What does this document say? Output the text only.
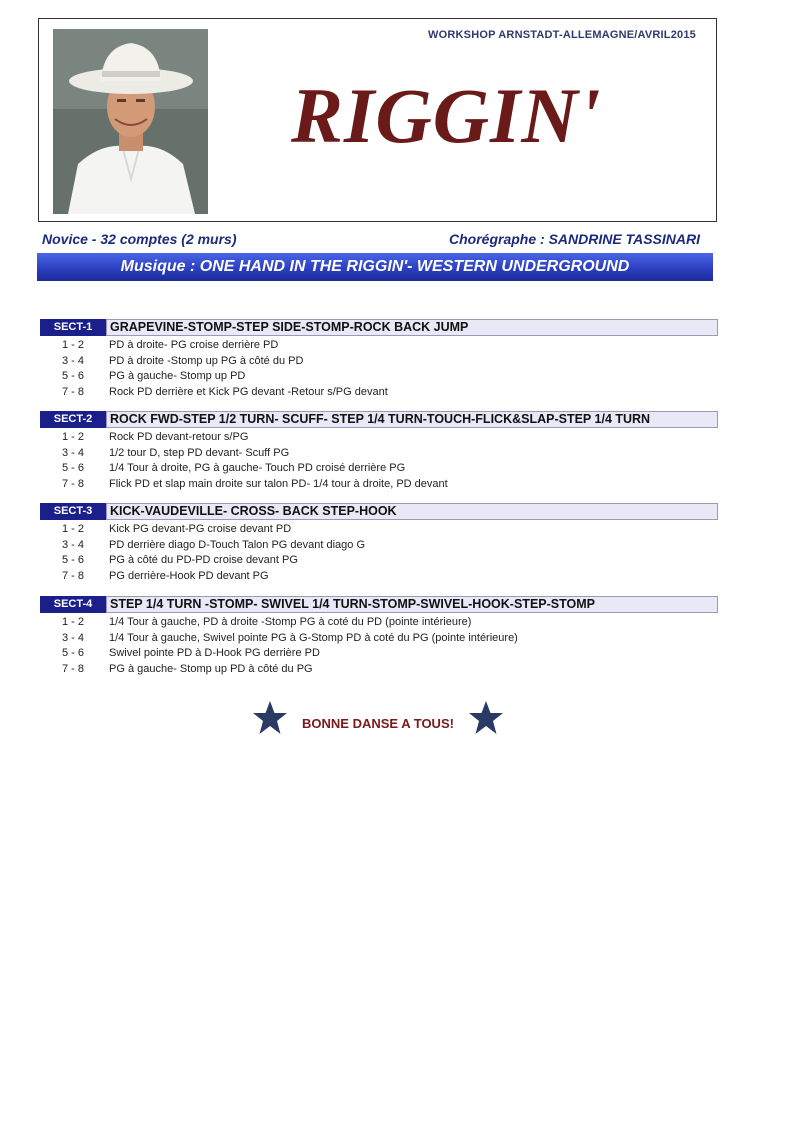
WORKSHOP ARNSTADT-ALLEMAGNE/AVRIL2015
RIGGIN'
Novice - 32 comptes (2 murs)	Chorégraphe : SANDRINE TASSINARI
Musique : ONE HAND IN THE RIGGIN'- WESTERN UNDERGROUND
SECT-1	GRAPEVINE-STOMP-STEP SIDE-STOMP-ROCK BACK JUMP
1 - 2	PD à droite- PG croise derrière PD
3 - 4	PD à droite -Stomp up PG à côté du PD
5 - 6	PG à gauche- Stomp up PD
7 - 8	Rock PD derrière et Kick PG devant -Retour s/PG devant
SECT-2	ROCK FWD-STEP 1/2 TURN- SCUFF- STEP 1/4 TURN-TOUCH-FLICK&SLAP-STEP 1/4 TURN
1 - 2	Rock PD devant-retour s/PG
3 - 4	1/2 tour D, step PD devant- Scuff PG
5 - 6	1/4 Tour à droite, PG à gauche- Touch PD croisé derrière PG
7 - 8	Flick PD et slap main droite sur talon PD- 1/4 tour à droite, PD devant
SECT-3	KICK-VAUDEVILLE- CROSS- BACK STEP-HOOK
1 - 2	Kick PG devant-PG croise devant PD
3 - 4	PD derrière diago D-Touch Talon PG devant diago G
5 - 6	PG à côté du PD-PD croise devant PG
7 - 8	PG derrière-Hook PD devant PG
SECT-4	STEP 1/4 TURN -STOMP- SWIVEL 1/4 TURN-STOMP-SWIVEL-HOOK-STEP-STOMP
1 - 2	1/4 Tour à gauche, PD à droite -Stomp PG à coté du PD (pointe intérieure)
3 - 4	1/4 Tour à gauche, Swivel pointe PG à G-Stomp PD à coté du PG (pointe intérieure)
5 - 6	Swivel pointe PD à D-Hook PG derrière PD
7 - 8	PG à gauche- Stomp up PD à côté du PG
BONNE DANSE A TOUS!
